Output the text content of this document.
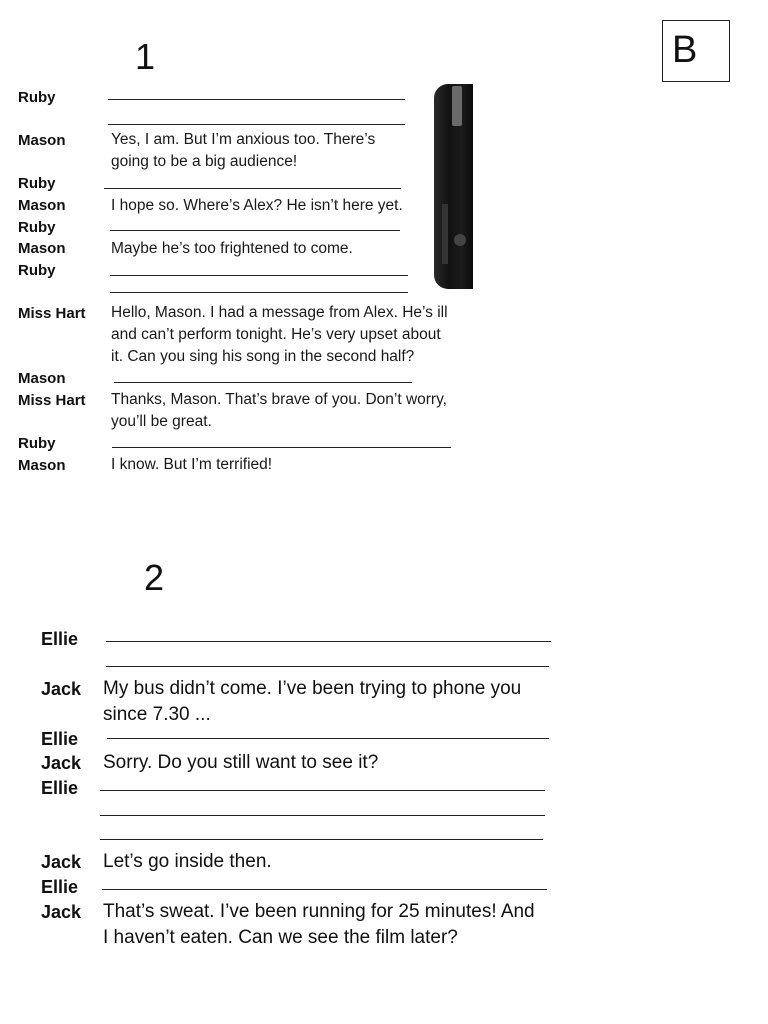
1	B
Ruby
Mason	Yes, I am. But I’m anxious too. There’s
going to be a big audience!
Ruby
Mason	I hope so. Where’s Alex? He isn’t here yet.
Ruby
Mason	Maybe he’s too frightened to come.
Ruby
Miss Hart Hello, Mason. I had a message from Alex. He’s ill
and can’t perform tonight. He’s very upset about
it. Can you sing his song in the second half?
Mason
Miss Hart Thanks, Mason. That’s brave of you. Don’t worry,
you’ll be great.
Ruby
Mason	I know. But I’m terrified!
2
Ellie
Jack My bus didn’t come. I’ve been trying to phone you
since 7.30 ...
Ellie
Jack Sorry. Do you still want to see it?
Ellie
Jack Let’s go inside then.
Ellie
Jack That’s sweat. I’ve been running for 25 minutes! And
I haven’t eaten. Can we see the film later?
